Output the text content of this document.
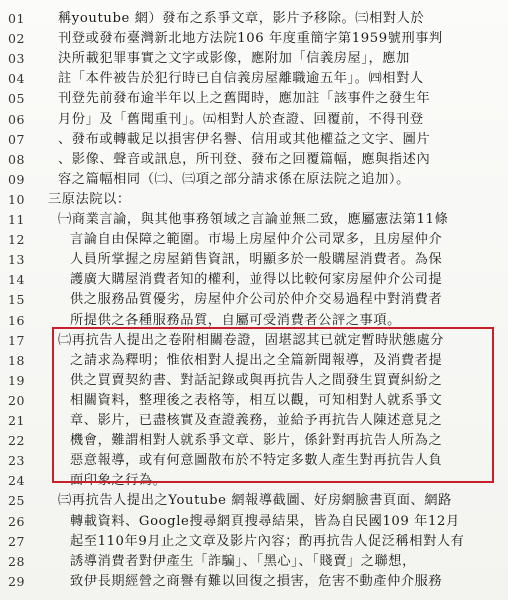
01	稱youtube 網）發布之系爭文章，影片予移除。㈢相對人於
02	刊登或發布臺灣新北地方法院106 年度重簡字第1959號刑事判
03	決所載犯罪事實之文字或影像，應附加「信義房屋」，應加
04	註「本件被告於犯行時已自信義房屋離職逾五年」。㈣相對人
05	刊登先前發布逾半年以上之舊聞時，應加註「該事件之發生年
06	月份」及「舊聞重刊」。㈤相對人於查證、回覆前，不得刊登
07	、發布或轉載足以損害伊名譽、信用或其他權益之文字、圖片
08	、影像、聲音或訊息，所刊登、發布之回覆篇幅，應與指述內
09	容之篇幅相同（㈡、㈢項之部分請求係在原法院之追加）。
10	三原法院以：
11	㈠商業言論，與其他事務領域之言論並無二致，應屬憲法第11條
12	言論自由保障之範圍。市場上房屋仲介公司眾多，且房屋仲介
13	人員所掌握之房屋銷售資訊，明顯多於一般購屋消費者。為保
14	護廣大購屋消費者知的權利，並得以比較何家房屋仲介公司提
15	供之服務品質優劣，房屋仲介公司於仲介交易過程中對消費者
16	所提供之各種服務品質，自屬可受消費者公評之事項。
17	㈡再抗告人提出之卷附相關卷證，固堪認其已就定暫時狀態處分
18	之請求為釋明；惟依相對人提出之全篇新聞報導，及消費者提
19	供之買賣契約書、對話記錄或與再抗告人之間發生買賣糾紛之
20	相關資料，整理後之表格等，相互以觀，可知相對人就系爭文
21	章、影片，已盡核實及查證義務，並給予再抗告人陳述意見之
22	機會，難謂相對人就系爭文章、影片，係針對再抗告人所為之
23	惡意報導，或有何意圖散布於不特定多數人產生對再抗告人負
24	面印象之行為。
25	㈢再抗告人提出之Youtube 網報導截圖、好房網臉書頁面、網路
26	轉載資料、Google搜尋網頁搜尋結果，皆為自民國109 年12月
27	起至110年9月止之文章及影片內容；酌再抗告人促泛稱相對人有
28	誘導消費者對伊產生「詐騙」、「黑心」、「賤賣」之聯想，
29	致伊長期經營之商譽有難以回復之損害，危害不動產仲介服務
